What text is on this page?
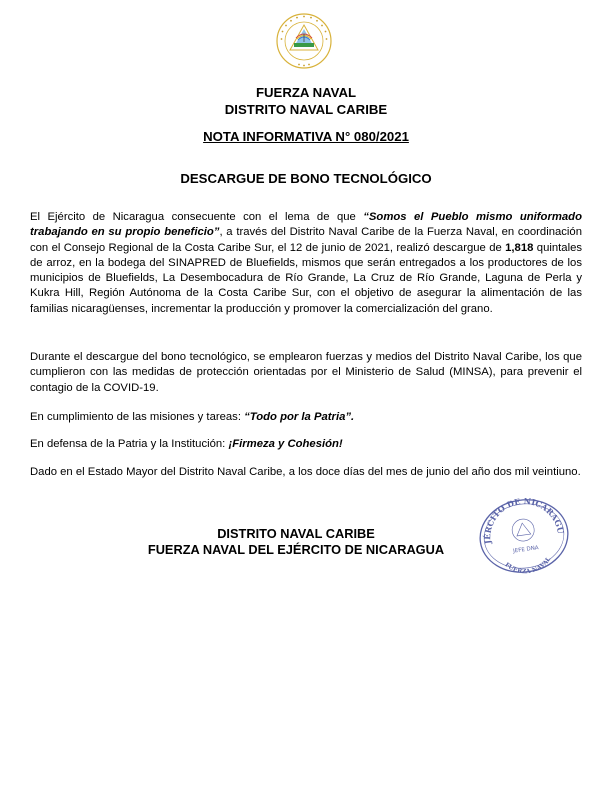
FUERZA NAVAL
DISTRITO NAVAL CARIBE
NOTA INFORMATIVA N° 080/2021
DESCARGUE DE BONO TECNOLÓGICO
El Ejército de Nicaragua consecuente con el lema de que “Somos el Pueblo mismo uniformado trabajando en su propio beneficio”, a través del Distrito Naval Caribe de la Fuerza Naval, en coordinación con el Consejo Regional de la Costa Caribe Sur, el 12 de junio de 2021, realizó descargue de 1,818 quintales de arroz, en la bodega del SINAPRED de Bluefields, mismos que serán entregados a los productores de los municipios de Bluefields, La Desembocadura de Río Grande, La Cruz de Río Grande, Laguna de Perla y Kukra Hill, Región Autónoma de la Costa Caribe Sur, con el objetivo de asegurar la alimentación de las familias nicaragüenses, incrementar la producción y promover la comercialización del grano.
Durante el descargue del bono tecnológico, se emplearon fuerzas y medios del Distrito Naval Caribe, los que cumplieron con las medidas de protección orientadas por el Ministerio de Salud (MINSA), para prevenir el contagio de la COVID-19.
En cumplimiento de las misiones y tareas: “Todo por la Patria”.
En defensa de la Patria y la Institución: ¡Firmeza y Cohesión!
Dado en el Estado Mayor del Distrito Naval Caribe, a los doce días del mes de junio del año dos mil veintiuno.
DISTRITO NAVAL CARIBE
FUERZA NAVAL DEL EJÉRCITO DE NICARAGUA
EJÉRCITO DE NICARAGUA
JEFE DNA
FUERZA NAVAL
